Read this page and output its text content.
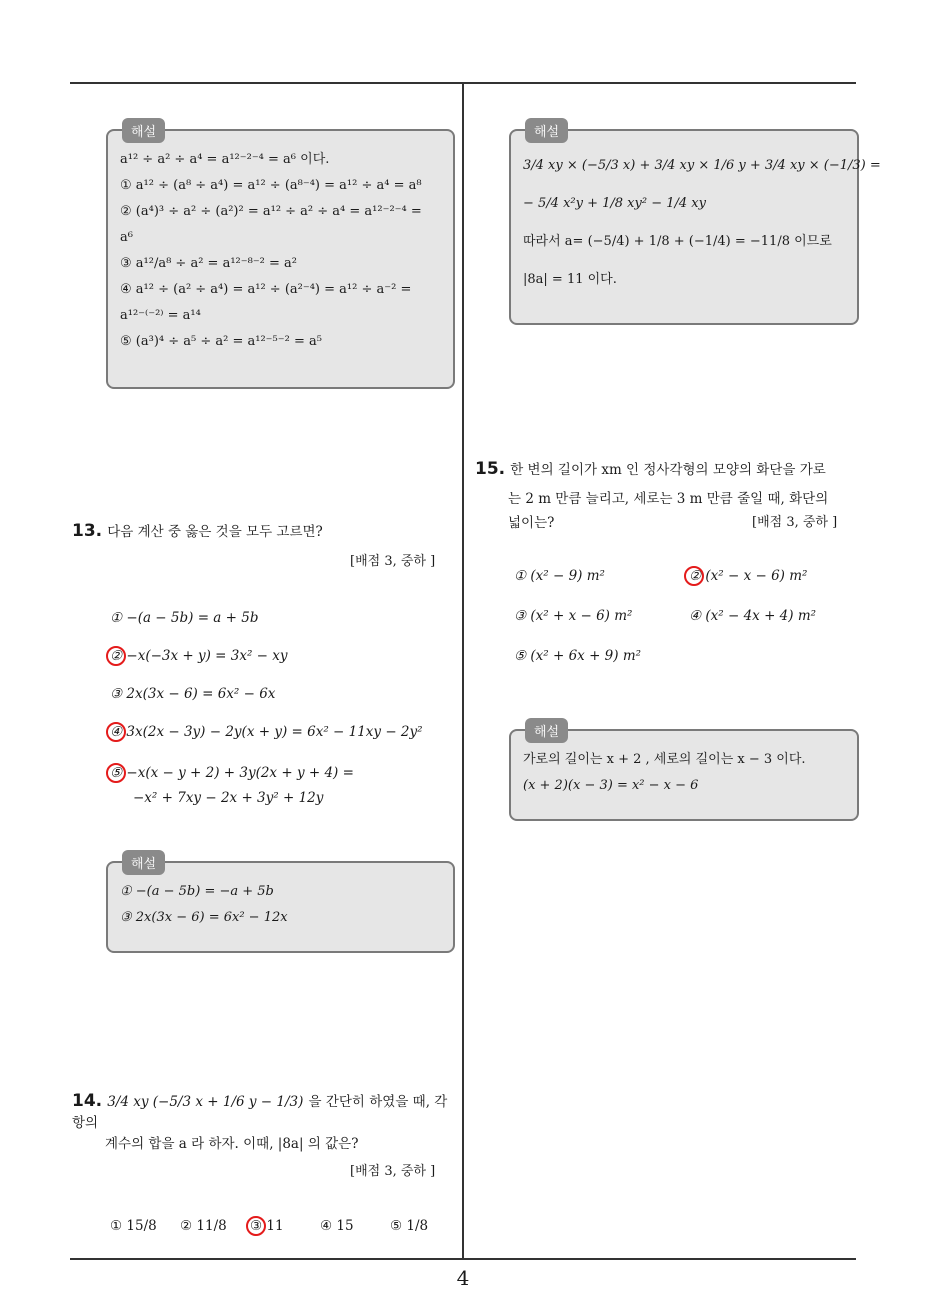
해설
a¹² ÷ a² ÷ a⁴ = a¹²⁻²⁻⁴ = a⁶ 이다.
① a¹² ÷ (a⁸ ÷ a⁴) = a¹² ÷ (a⁸⁻⁴) = a¹² ÷ a⁴ = a⁸
② (a⁴)³ ÷ a² ÷ (a²)² = a¹² ÷ a² ÷ a⁴ = a¹²⁻²⁻⁴ =
a⁶
③ a¹²/a⁸ ÷ a² = a¹²⁻⁸⁻² = a²
④ a¹² ÷ (a² ÷ a⁴) = a¹² ÷ (a²⁻⁴) = a¹² ÷ a⁻² =
a¹²⁻⁽⁻²⁾ = a¹⁴
⑤ (a³)⁴ ÷ a⁵ ÷ a² = a¹²⁻⁵⁻² = a⁵
13. 다음 계산 중 옳은 것을 모두 고르면?
[배점 3, 중하 ]
① −(a − 5b) = a + 5b
② −x(−3x + y) = 3x² − xy
③ 2x(3x − 6) = 6x² − 6x
④ 3x(2x − 3y) − 2y(x + y) = 6x² − 11xy − 2y²
⑤ −x(x − y + 2) + 3y(2x + y + 4) =
−x² + 7xy − 2x + 3y² + 12y
해설
① −(a − 5b) = −a + 5b
③ 2x(3x − 6) = 6x² − 12x
14. 3/4 xy (−5/3 x + 1/6 y − 1/3) 을 간단히 하였을 때, 각 항의
계수의 합을 a 라 하자. 이때, |8a| 의 값은?
[배점 3, 중하 ]
① 15/8 ② 11/8 ③ 11	④ 15	⑤ 1/8
해설
3/4 xy × (−5/3 x) + 3/4 xy × 1/6 y + 3/4 xy × (−1/3) =
− 5/4 x²y + 1/8 xy² − 1/4 xy
따라서 a= (−5/4) + 1/8 + (−1/4) = −11/8 이므로
|8a| = 11 이다.
15. 한 변의 길이가 xm 인 정사각형의 모양의 화단을 가로
는 2 m 만큼 늘리고, 세로는 3 m 만큼 줄일 때, 화단의
넓이는?	[배점 3, 중하 ]
① (x² − 9) m²	② (x² − x − 6) m²
③ (x² + x − 6) m²	④ (x² − 4x + 4) m²
⑤ (x² + 6x + 9) m²
해설
가로의 길이는 x + 2 , 세로의 길이는 x − 3 이다.
(x + 2)(x − 3) = x² − x − 6
4
